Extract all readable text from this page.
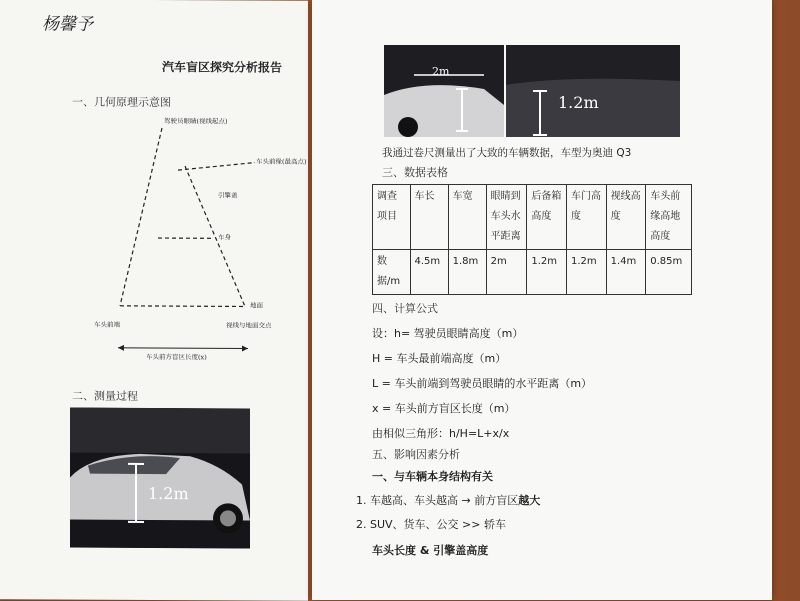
杨馨予
汽车盲区探究分析报告
一、几何原理示意图
驾驶员眼睛(视线起点)
车头前缘(最高点)
引擎盖
车身
地面
车头前端	视线与地面交点
车头前方盲区长度(x)
二、测量过程
1.2m
2m
1.2m
我通过卷尺测量出了大致的车辆数据，车型为奥迪 Q3
三、数据表格
调查项目	车长	车宽	眼睛到车头水平距离	后备箱高度	车门高度	视线高度	车头前缘高地高度
数据/m	4.5m	1.8m	2m	1.2m	1.2m	1.4m	0.85m
四、计算公式
设：h= 驾驶员眼睛高度（m）
H = 车头最前端高度（m）
L = 车头前端到驾驶员眼睛的水平距离（m）
x = 车头前方盲区长度（m）
由相似三角形：h/H=L+x/x
五、影响因素分析
一、与车辆本身结构有关
1. 车越高、车头越高 → 前方盲区越大
2. SUV、货车、公交 >> 轿车
车头长度 & 引擎盖高度
